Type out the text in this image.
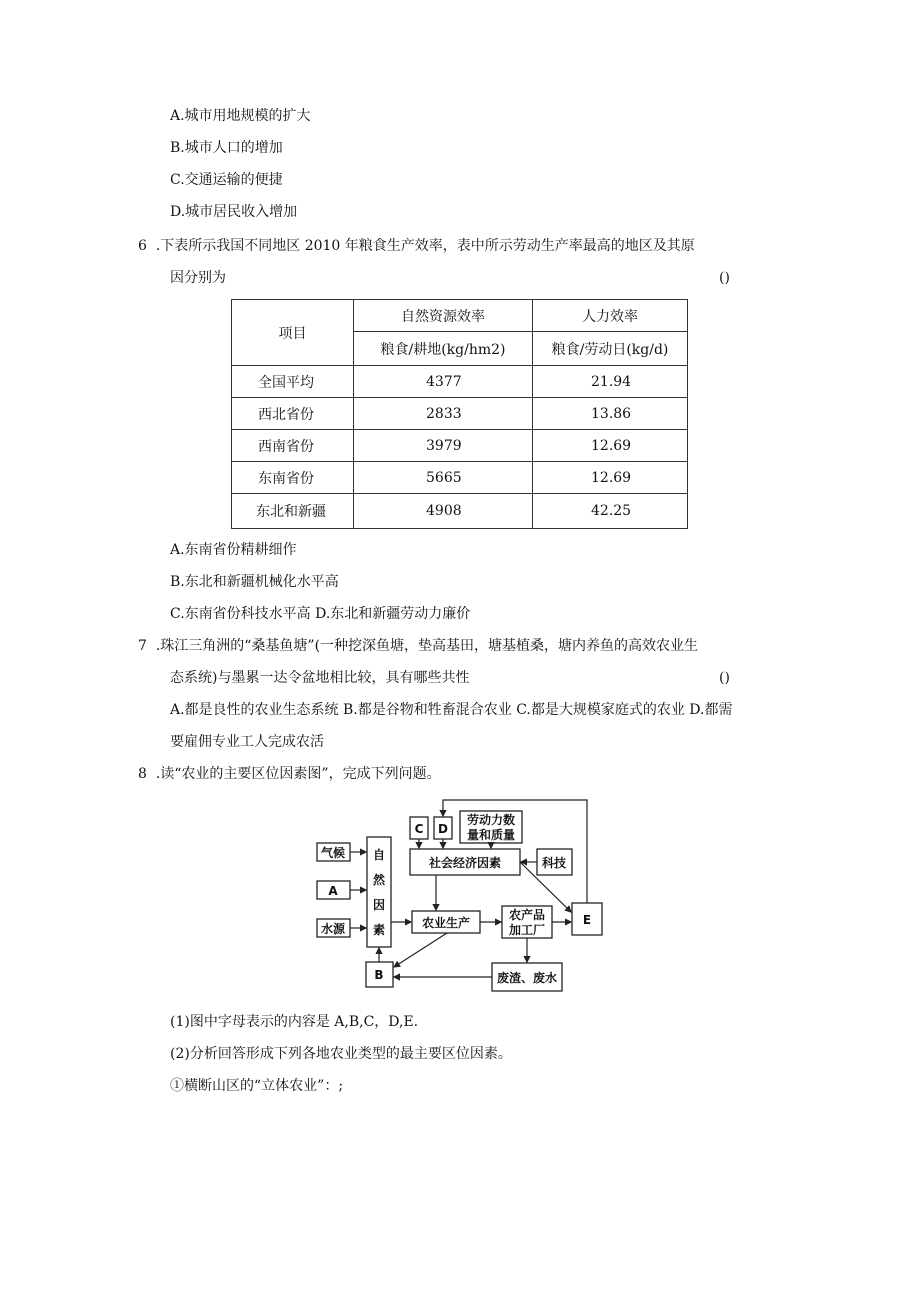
A.城市用地规模的扩大
B.城市人口的增加
C.交通运输的便捷
D.城市居民收入增加
6  .下表所示我国不同地区 2010 年粮食生产效率，表中所示劳动生产率最高的地区及其原
因分别为	()
项目	自然资源效率	人力效率
	粮食/耕地(kg/hm2)	粮食/劳动日(kg/d)
全国平均	4377	21.94
西北省份	2833	13.86
西南省份	3979	12.69
东南省份	5665	12.69
东北和新疆	4908	42.25
A.东南省份精耕细作
B.东北和新疆机械化水平高
C.东南省份科技水平高 D.东北和新疆劳动力廉价
7  .珠江三角洲的“桑基鱼塘”(一种挖深鱼塘，垫高基田，塘基植桑，塘内养鱼的高效农业生
态系统)与墨累一达令盆地相比较，具有哪些共性	()
A.都是良性的农业生态系统 B.都是谷物和牲畜混合农业 C.都是大规模家庭式的农业 D.都需
要雇佣专业工人完成农活
8  .读“农业的主要区位因素图”，完成下列问题。
气候
A
水源
自
然
因
素
B
C D
劳动力数
量和质量
社会经济因素	科技
农业生产
农产品
加工厂
E
废渣、废水
(1)图中字母表示的内容是 A,B,C，D,E.
(2)分析回答形成下列各地农业类型的最主要区位因素。
①横断山区的“立体农业”：;
